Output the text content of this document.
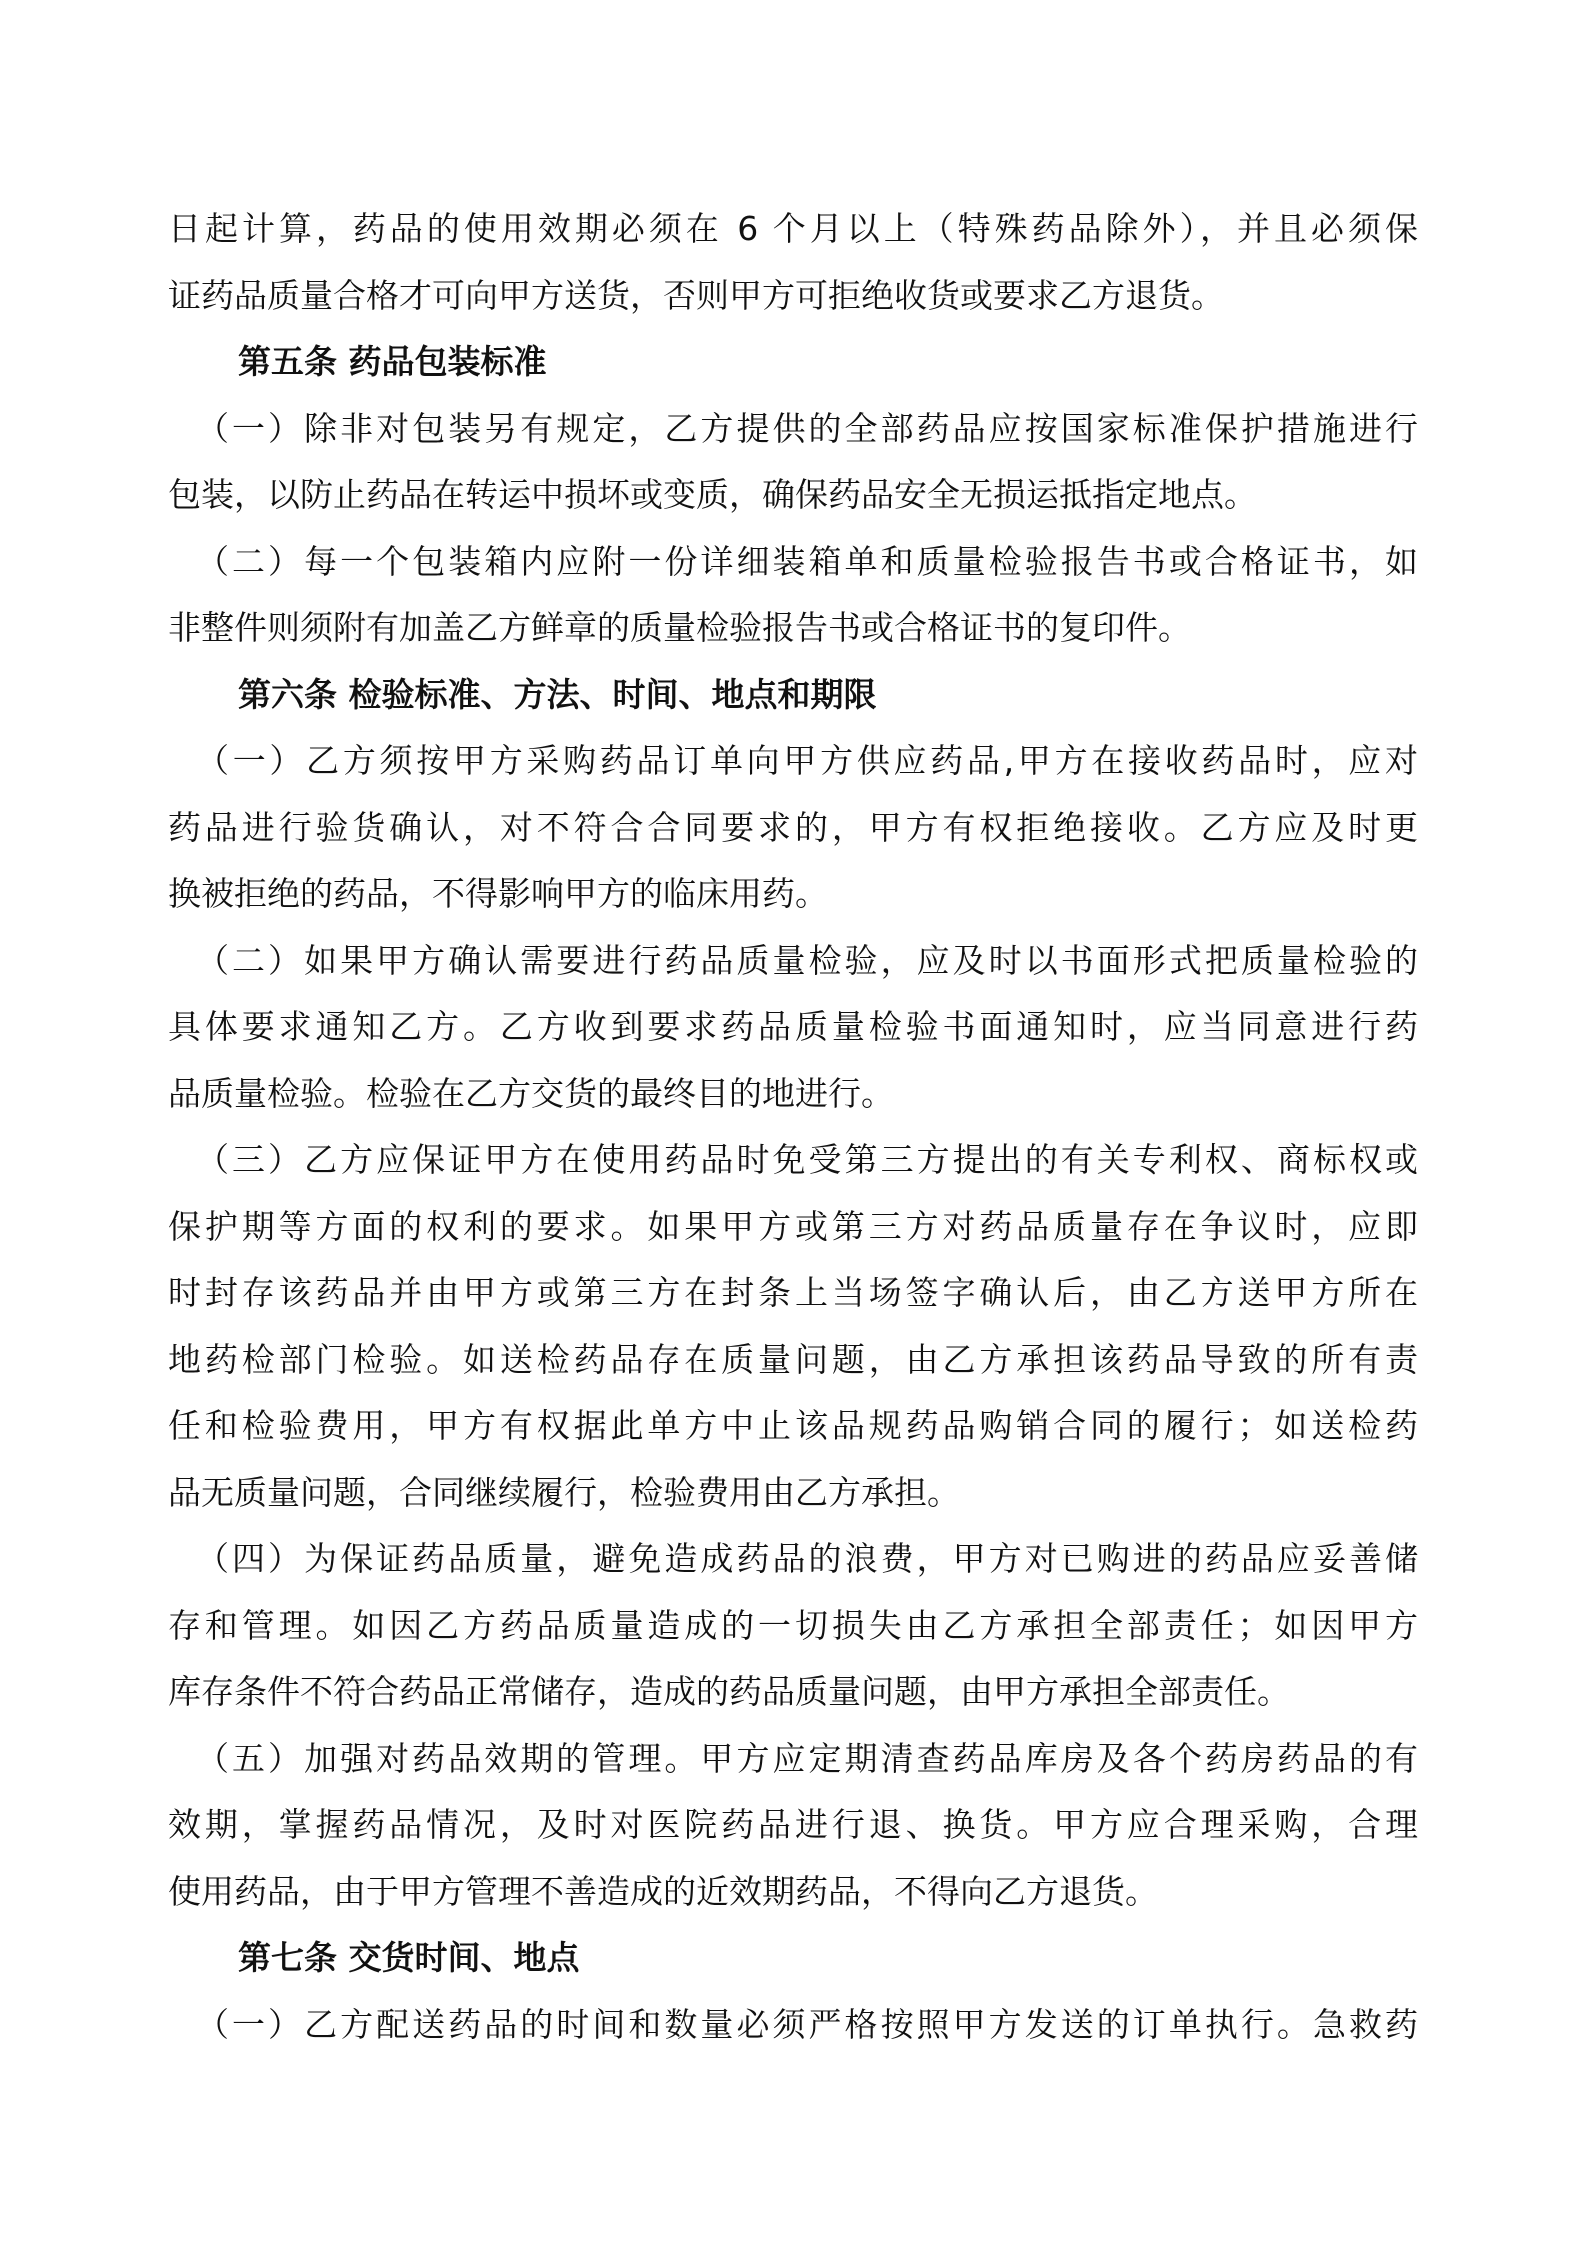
日起计算，药品的使用效期必须在 6 个月以上（特殊药品除外），并且必须保
证药品质量合格才可向甲方送货，否则甲方可拒绝收货或要求乙方退货。
第五条 药品包装标准
（一）除非对包装另有规定，乙方提供的全部药品应按国家标准保护措施进行
包装，以防止药品在转运中损坏或变质，确保药品安全无损运抵指定地点。
（二）每一个包装箱内应附一份详细装箱单和质量检验报告书或合格证书，如
非整件则须附有加盖乙方鲜章的质量检验报告书或合格证书的复印件。
第六条 检验标准、方法、时间、地点和期限
（一）乙方须按甲方采购药品订单向甲方供应药品,甲方在接收药品时，应对
药品进行验货确认，对不符合合同要求的，甲方有权拒绝接收。乙方应及时更
换被拒绝的药品，不得影响甲方的临床用药。
（二）如果甲方确认需要进行药品质量检验，应及时以书面形式把质量检验的
具体要求通知乙方。乙方收到要求药品质量检验书面通知时，应当同意进行药
品质量检验。检验在乙方交货的最终目的地进行。
（三）乙方应保证甲方在使用药品时免受第三方提出的有关专利权、商标权或
保护期等方面的权利的要求。如果甲方或第三方对药品质量存在争议时，应即
时封存该药品并由甲方或第三方在封条上当场签字确认后，由乙方送甲方所在
地药检部门检验。如送检药品存在质量问题，由乙方承担该药品导致的所有责
任和检验费用，甲方有权据此单方中止该品规药品购销合同的履行；如送检药
品无质量问题，合同继续履行，检验费用由乙方承担。
（四）为保证药品质量，避免造成药品的浪费，甲方对已购进的药品应妥善储
存和管理。如因乙方药品质量造成的一切损失由乙方承担全部责任；如因甲方
库存条件不符合药品正常储存，造成的药品质量问题，由甲方承担全部责任。
（五）加强对药品效期的管理。甲方应定期清查药品库房及各个药房药品的有
效期，掌握药品情况，及时对医院药品进行退、换货。甲方应合理采购，合理
使用药品，由于甲方管理不善造成的近效期药品，不得向乙方退货。
第七条 交货时间、地点
（一）乙方配送药品的时间和数量必须严格按照甲方发送的订单执行。急救药
